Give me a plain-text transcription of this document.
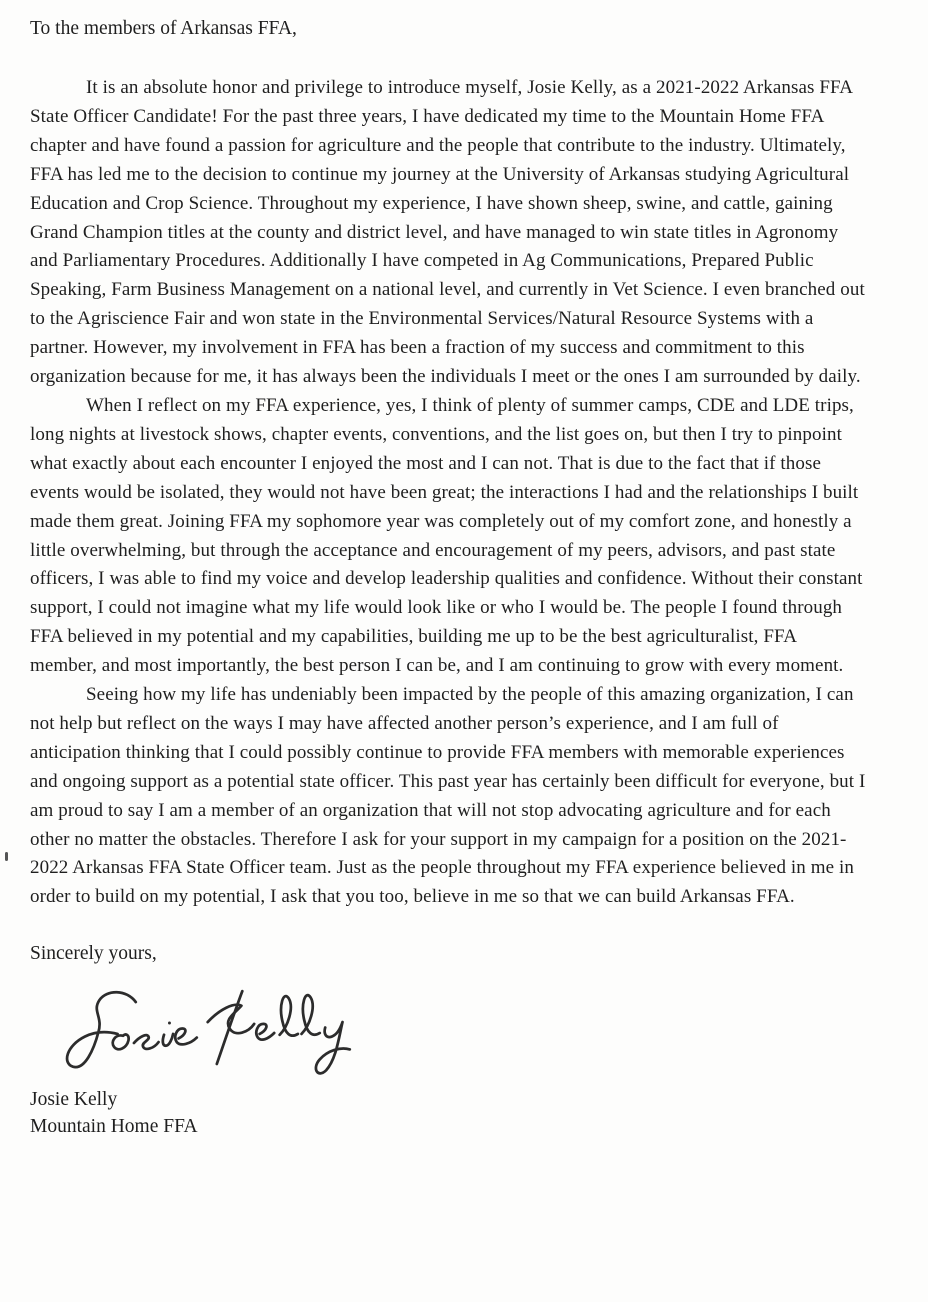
To the members of Arkansas FFA,

It is an absolute honor and privilege to introduce myself, Josie Kelly, as a 2021-2022 Arkansas FFA State Officer Candidate! For the past three years, I have dedicated my time to the Mountain Home FFA chapter and have found a passion for agriculture and the people that contribute to the industry. Ultimately, FFA has led me to the decision to continue my journey at the University of Arkansas studying Agricultural Education and Crop Science. Throughout my experience, I have shown sheep, swine, and cattle, gaining Grand Champion titles at the county and district level, and have managed to win state titles in Agronomy and Parliamentary Procedures. Additionally I have competed in Ag Communications, Prepared Public Speaking, Farm Business Management on a national level, and currently in Vet Science. I even branched out to the Agriscience Fair and won state in the Environmental Services/Natural Resource Systems with a partner. However, my involvement in FFA has been a fraction of my success and commitment to this organization because for me, it has always been the individuals I meet or the ones I am surrounded by daily.

When I reflect on my FFA experience, yes, I think of plenty of summer camps, CDE and LDE trips, long nights at livestock shows, chapter events, conventions, and the list goes on, but then I try to pinpoint what exactly about each encounter I enjoyed the most and I can not. That is due to the fact that if those events would be isolated, they would not have been great; the interactions I had and the relationships I built made them great. Joining FFA my sophomore year was completely out of my comfort zone, and honestly a little overwhelming, but through the acceptance and encouragement of my peers, advisors, and past state officers, I was able to find my voice and develop leadership qualities and confidence. Without their constant support, I could not imagine what my life would look like or who I would be. The people I found through FFA believed in my potential and my capabilities, building me up to be the best agriculturalist, FFA member, and most importantly, the best person I can be, and I am continuing to grow with every moment.

Seeing how my life has undeniably been impacted by the people of this amazing organization, I can not help but reflect on the ways I may have affected another person’s experience, and I am full of anticipation thinking that I could possibly continue to provide FFA members with memorable experiences and ongoing support as a potential state officer. This past year has certainly been difficult for everyone, but I am proud to say I am a member of an organization that will not stop advocating agriculture and for each other no matter the obstacles. Therefore I ask for your support in my campaign for a position on the 2021-2022 Arkansas FFA State Officer team. Just as the people throughout my FFA experience believed in me in order to build on my potential, I ask that you too, believe in me so that we can build Arkansas FFA.

Sincerely yours,

Josie Kelly

Mountain Home FFA
